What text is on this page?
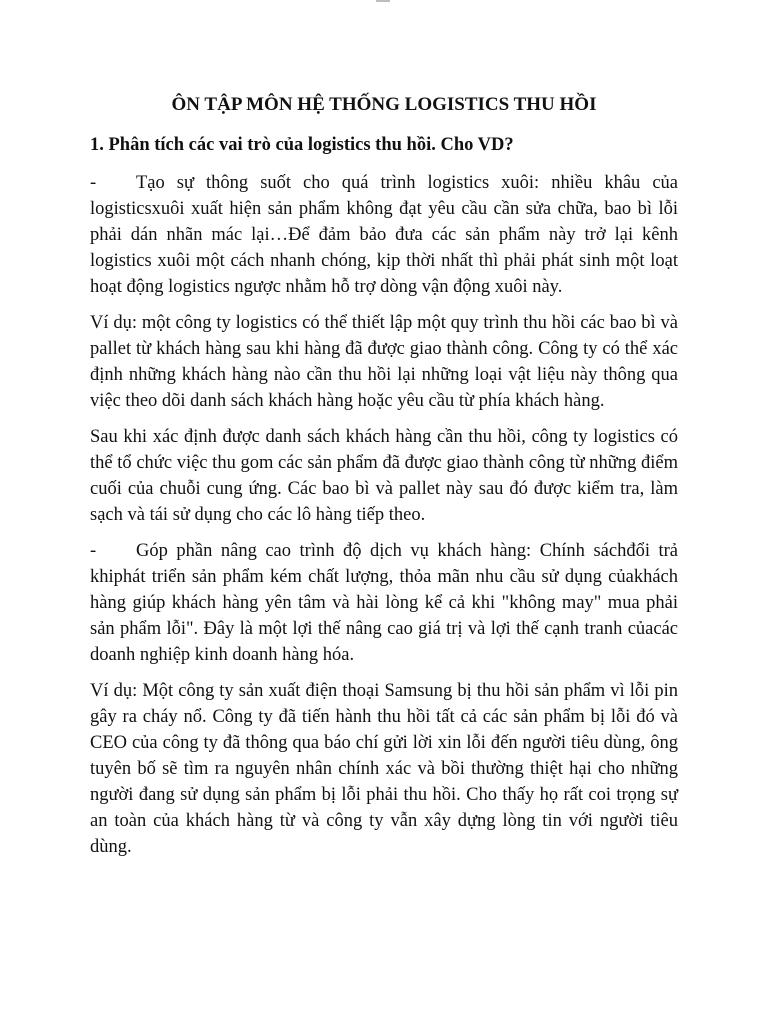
ÔN TẬP MÔN HỆ THỐNG LOGISTICS THU HỒI
1. Phân tích các vai trò của logistics thu hồi. Cho VD?

- Tạo sự thông suốt cho quá trình logistics xuôi: nhiều khâu của logisticsxuôi xuất hiện sản phẩm không đạt yêu cầu cần sửa chữa, bao bì lỗi phải dán nhãn mác lại…Để đảm bảo đưa các sản phẩm này trở lại kênh logistics xuôi một cách nhanh chóng, kịp thời nhất thì phải phát sinh một loạt hoạt động logistics ngược nhằm hỗ trợ dòng vận động xuôi này.

Ví dụ: một công ty logistics có thể thiết lập một quy trình thu hồi các bao bì và pallet từ khách hàng sau khi hàng đã được giao thành công. Công ty có thể xác định những khách hàng nào cần thu hồi lại những loại vật liệu này thông qua việc theo dõi danh sách khách hàng hoặc yêu cầu từ phía khách hàng.

Sau khi xác định được danh sách khách hàng cần thu hồi, công ty logistics có thể tổ chức việc thu gom các sản phẩm đã được giao thành công từ những điểm cuối của chuỗi cung ứng. Các bao bì và pallet này sau đó được kiểm tra, làm sạch và tái sử dụng cho các lô hàng tiếp theo.

- Góp phần nâng cao trình độ dịch vụ khách hàng: Chính sáchđổi trả khiphát triển sản phẩm kém chất lượng, thỏa mãn nhu cầu sử dụng củakhách hàng giúp khách hàng yên tâm và hài lòng kể cả khi "không may" mua phải sản phẩm lỗi". Đây là một lợi thế nâng cao giá trị và lợi thế cạnh tranh củacác doanh nghiệp kinh doanh hàng hóa.

Ví dụ: Một công ty sản xuất điện thoại Samsung bị thu hồi sản phẩm vì lỗi pin gây ra cháy nổ. Công ty đã tiến hành thu hồi tất cả các sản phẩm bị lỗi đó và CEO của công ty đã thông qua báo chí gửi lời xin lỗi đến người tiêu dùng, ông tuyên bố sẽ tìm ra nguyên nhân chính xác và bồi thường thiệt hại cho những người đang sử dụng sản phẩm bị lỗi phải thu hồi. Cho thấy họ rất coi trọng sự an toàn của khách hàng từ và công ty vẫn xây dựng lòng tin với người tiêu dùng.
